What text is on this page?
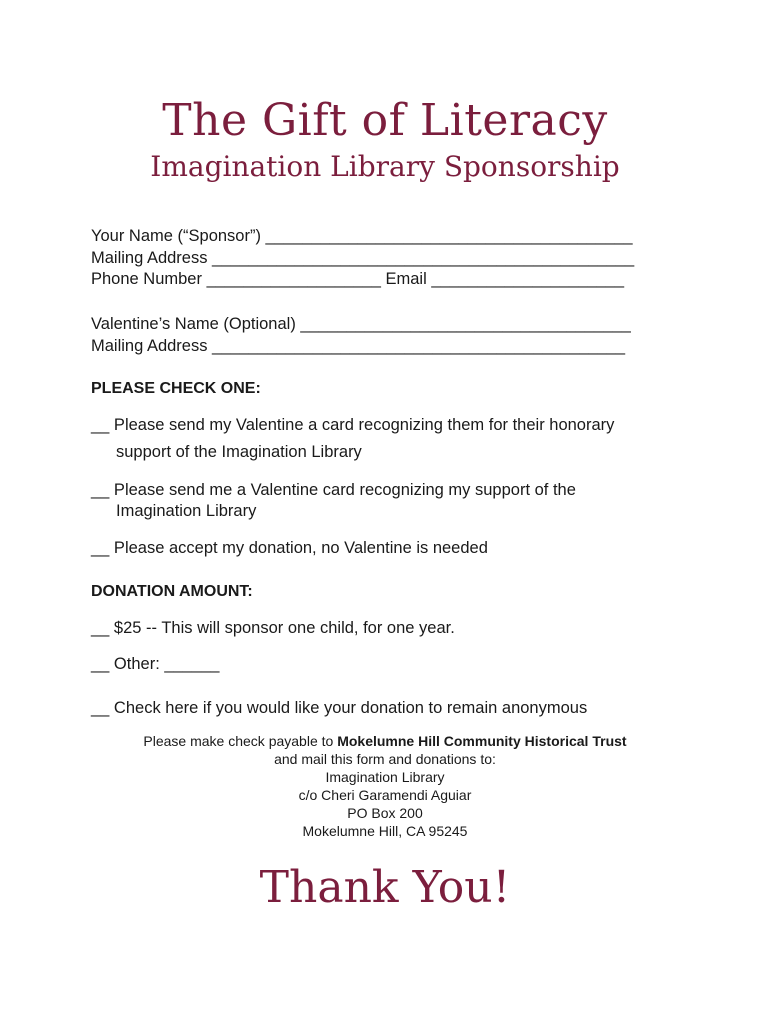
The Gift of Literacy
Imagination Library Sponsorship
Your Name (“Sponsor”) ________________________________________
Mailing Address ______________________________________________
Phone Number ___________________ Email _____________________
Valentine’s Name (Optional) ____________________________________
Mailing Address _____________________________________________
PLEASE CHECK ONE:
__ Please send my Valentine a card recognizing them for their honorary
support of the Imagination Library
__ Please send me a Valentine card recognizing my support of the
Imagination Library
__ Please accept my donation, no Valentine is needed
DONATION AMOUNT:
__ $25 -- This will sponsor one child, for one year.
__ Other: ______
__ Check here if you would like your donation to remain anonymous
Please make check payable to Mokelumne Hill Community Historical Trust
and mail this form and donations to:
Imagination Library
c/o Cheri Garamendi Aguiar
PO Box 200
Mokelumne Hill, CA 95245
Thank You!
